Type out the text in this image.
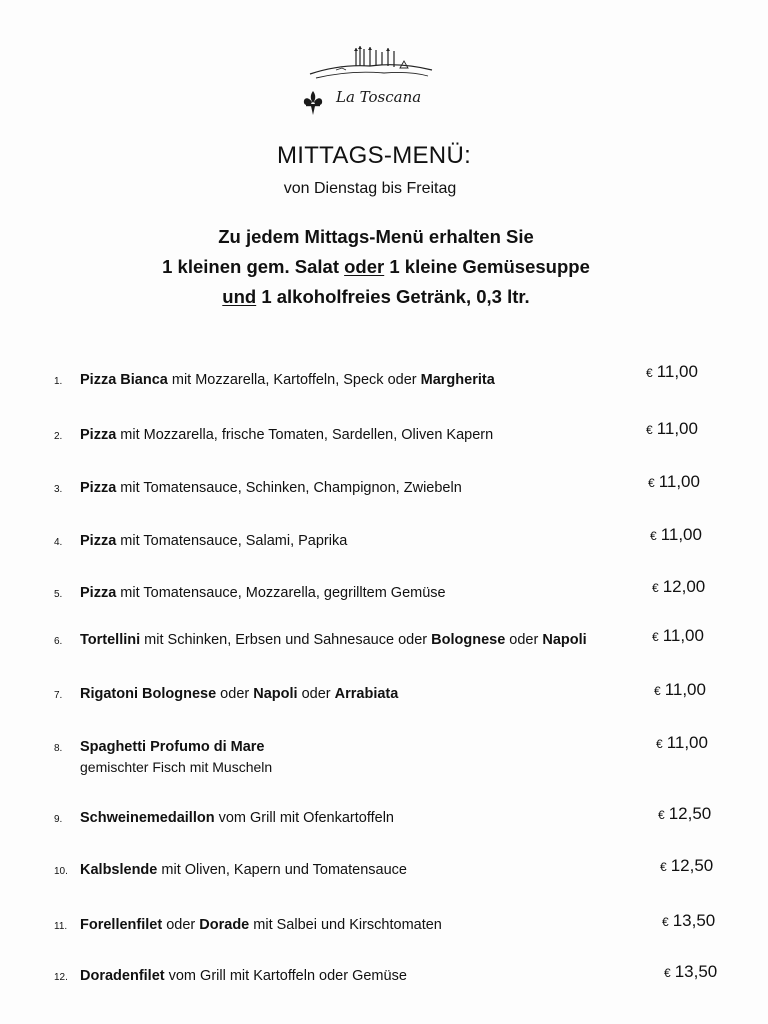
La Toscana
MITTAGS-MENÜ:
von Dienstag bis Freitag
Zu jedem Mittags-Menü erhalten Sie
1 kleinen gem. Salat oder 1 kleine Gemüsesuppe
und 1 alkoholfreies Getränk, 0,3 ltr.
1. Pizza Bianca mit Mozzarella, Kartoffeln, Speck oder Margherita	€ 11,00
2. Pizza mit Mozzarella, frische Tomaten, Sardellen, Oliven Kapern	€ 11,00
3. Pizza mit Tomatensauce, Schinken, Champignon, Zwiebeln	€ 11,00
4. Pizza mit Tomatensauce, Salami, Paprika	€ 11,00
5. Pizza mit Tomatensauce, Mozzarella, gegrilltem Gemüse	€ 12,00
6. Tortellini mit Schinken, Erbsen und Sahnesauce oder Bolognese oder Napoli	€ 11,00
7. Rigatoni Bolognese oder Napoli oder Arrabiata	€ 11,00
8. Spaghetti Profumo di Mare
gemischter Fisch mit Muscheln
€ 11,00
9. Schweinemedaillon vom Grill mit Ofenkartoffeln	€ 12,50
10. Kalbslende mit Oliven, Kapern und Tomatensauce	€ 12,50
11. Forellenfilet oder Dorade mit Salbei und Kirschtomaten	€ 13,50
12. Doradenfilet vom Grill mit Kartoffeln oder Gemüse	€ 13,50
